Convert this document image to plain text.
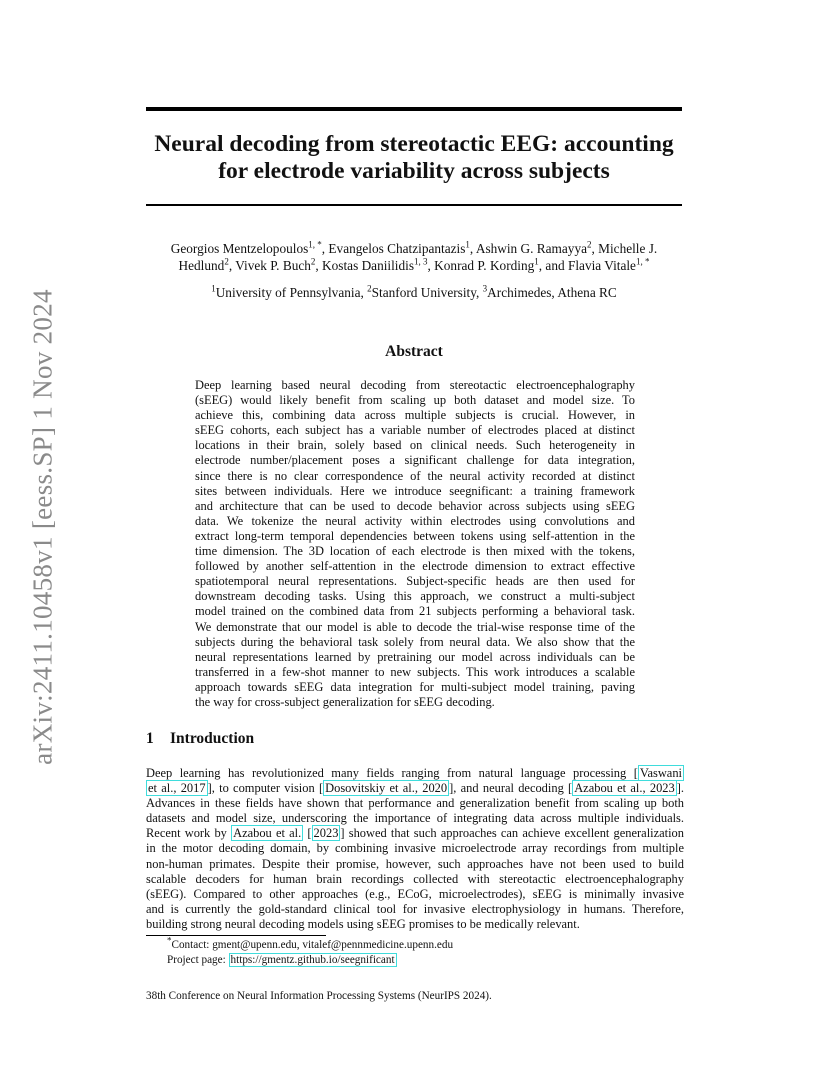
arXiv:2411.10458v1 [eess.SP] 1 Nov 2024
Neural decoding from stereotactic EEG: accounting
for electrode variability across subjects
Georgios Mentzelopoulos$^{1, *}$, Evangelos Chatzipantazis$^1$, Ashwin G. Ramayya$^2$, Michelle J.
Hedlund$^2$, Vivek P. Buch$^2$, Kostas Daniilidis$^{1, 3}$, Konrad P. Kording$^1$, and Flavia Vitale$^{1, *}$
$^1$University of Pennsylvania, $^2$Stanford University, $^3$Archimedes, Athena RC
Abstract
Deep learning based neural decoding from stereotactic electroencephalography
(sEEG) would likely benefit from scaling up both dataset and model size. To
achieve this, combining data across multiple subjects is crucial. However, in
sEEG cohorts, each subject has a variable number of electrodes placed at distinct
locations in their brain, solely based on clinical needs. Such heterogeneity in
electrode number/placement poses a significant challenge for data integration,
since there is no clear correspondence of the neural activity recorded at distinct
sites between individuals. Here we introduce seegnificant: a training framework
and architecture that can be used to decode behavior across subjects using sEEG
data. We tokenize the neural activity within electrodes using convolutions and
extract long-term temporal dependencies between tokens using self-attention in the
time dimension. The 3D location of each electrode is then mixed with the tokens,
followed by another self-attention in the electrode dimension to extract effective
spatiotemporal neural representations. Subject-specific heads are then used for
downstream decoding tasks. Using this approach, we construct a multi-subject
model trained on the combined data from 21 subjects performing a behavioral task.
We demonstrate that our model is able to decode the trial-wise response time of the
subjects during the behavioral task solely from neural data. We also show that the
neural representations learned by pretraining our model across individuals can be
transferred in a few-shot manner to new subjects. This work introduces a scalable
approach towards sEEG data integration for multi-subject model training, paving
the way for cross-subject generalization for sEEG decoding.
1 Introduction
Deep learning has revolutionized many fields ranging from natural language processing [ Vaswani
et al., 2017 ], to computer vision [ Dosovitskiy et al., 2020 ], and neural decoding [ Azabou et al., 2023 ].
Advances in these fields have shown that performance and generalization benefit from scaling up both
datasets and model size, underscoring the importance of integrating data across multiple individuals.
Recent work by Azabou et al. [ 2023 ] showed that such approaches can achieve excellent generalization
in the motor decoding domain, by combining invasive microelectrode array recordings from multiple
non-human primates. Despite their promise, however, such approaches have not been used to build
scalable decoders for human brain recordings collected with stereotactic electroencephalography
(sEEG). Compared to other approaches (e.g., ECoG, microelectrodes), sEEG is minimally invasive
and is currently the gold-standard clinical tool for invasive electrophysiology in humans. Therefore,
building strong neural decoding models using sEEG promises to be medically relevant.
*Contact: gment@upenn.edu, vitalef@pennmedicine.upenn.edu
Project page: https://gmentz.github.io/seegnificant
38th Conference on Neural Information Processing Systems (NeurIPS 2024).
